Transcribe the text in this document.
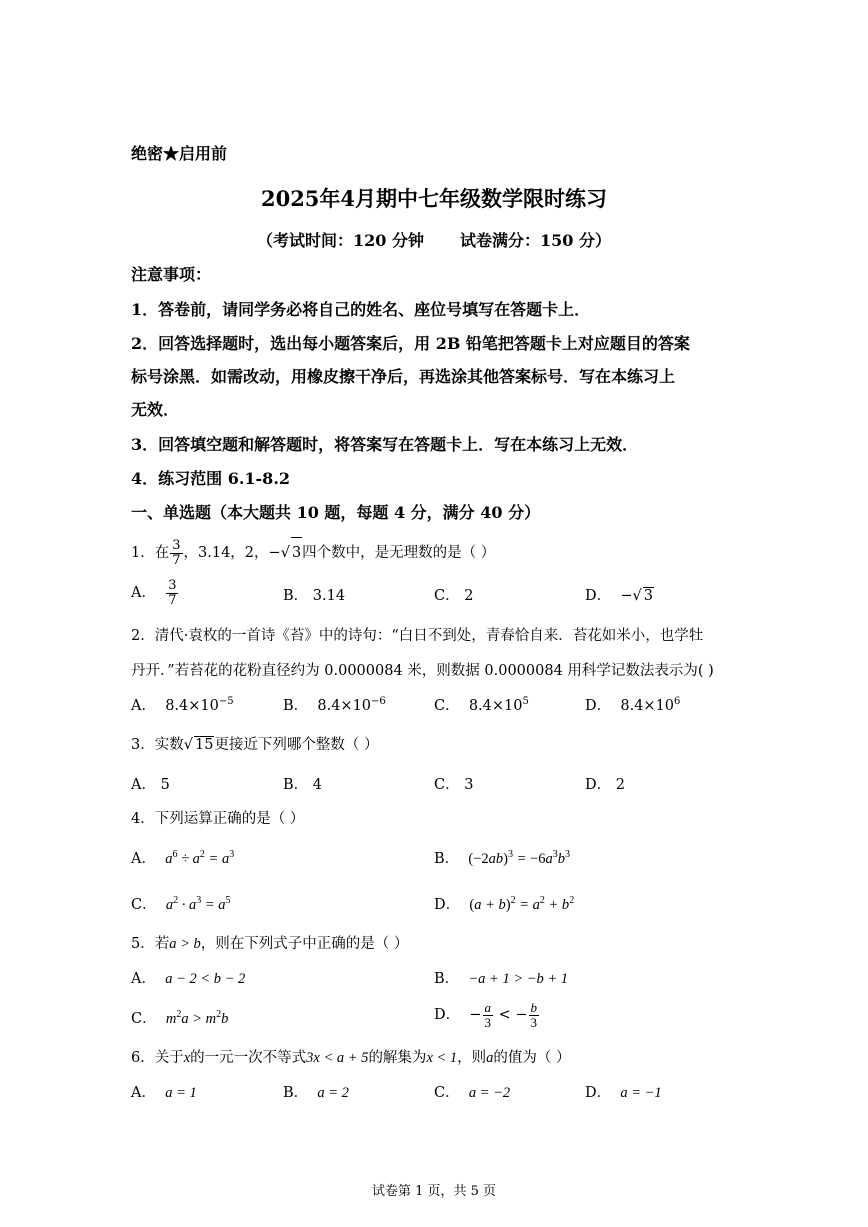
绝密★启用前
2025年4月期中七年级数学限时练习
（考试时间：120 分钟 试卷满分：150 分）
注意事项：
1．答卷前，请同学务必将自己的姓名、座位号填写在答题卡上．
2．回答选择题时，选出每小题答案后，用 2B 铅笔把答题卡上对应题目的答案
标号涂黑．如需改动，用橡皮擦干净后，再选涂其他答案标号．写在本练习上
无效．
3．回答填空题和解答题时，将答案写在答题卡上．写在本练习上无效．
4．练习范围 6.1-8.2
一、单选题（本大题共 10 题，每题 4 分，满分 40 分）
1．在 $\frac{3}{7}$ ，3.14，2，−√ 3四个数中，是无理数的是（ ）
A． $\frac{3}{7}$	B． 3.14	C． 2	D． −√ 3
2．清代·袁枚的一首诗《苔》中的诗句：“白日不到处，青春恰自来．苔花如米小，也学牡
丹开．”若苔花的花粉直径约为 0.0000084 米，则数据 0.0000084 用科学记数法表示为( )
A． $8.4\times 10^{-5}$	B． $8.4\times 10^{-6}$	C． $8.4\times 10^5$	D． $8.4\times 10^6$
3．实数√ 15更接近下列哪个整数（ ）
A． 5	B． 4	C． 3	D． 2
4．下列运算正确的是（ ）
A． $a^6 \div a^2 = a^3$	B． $(-2ab)^3 = -6a^3b^3$
C． $a^2 \cdot a^3 = a^5$	D． $(a + b)^2 = a^2 + b^2$
5．若a > b，则在下列式子中正确的是（ ）
A． a − 2 < b − 2	B． −a + 1 > −b + 1
C． $m^2a > m^2b$	D．  − $\frac{a}{3}$ < − $\frac{b}{3}$
6．关于x的一元一次不等式3x < a + 5的解集为x < 1，则a的值为（ ）
A． a = 1	B． a = 2	C． a = −2	D． a = −1
试卷第 1 页，共 5 页
